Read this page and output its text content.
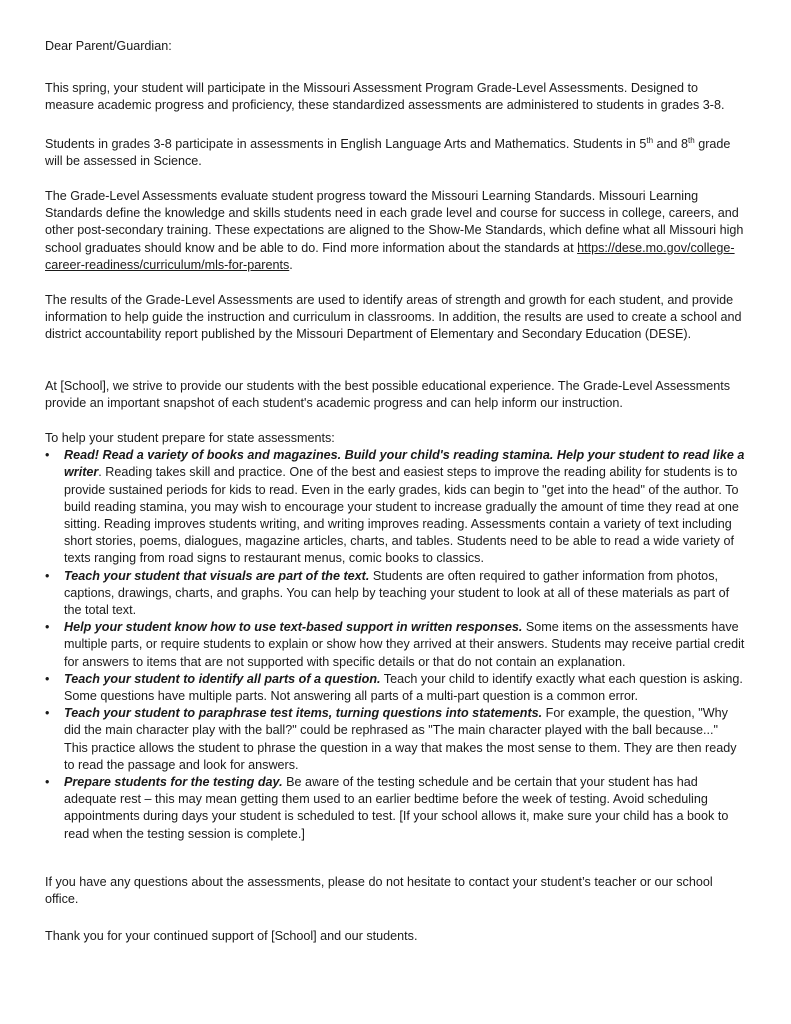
Dear Parent/Guardian:

This spring, your student will participate in the Missouri Assessment Program Grade-Level Assessments. Designed to measure academic progress and proficiency, these standardized assessments are administered to students in grades 3-8.

Students in grades 3-8 participate in assessments in English Language Arts and Mathematics. Students in 5th and 8th grade will be assessed in Science.

The Grade-Level Assessments evaluate student progress toward the Missouri Learning Standards. Missouri Learning Standards define the knowledge and skills students need in each grade level and course for success in college, careers, and other post-secondary training. These expectations are aligned to the Show-Me Standards, which define what all Missouri high school graduates should know and be able to do. Find more information about the standards at https://dese.mo.gov/college-career-readiness/curriculum/mls-for-parents.

The results of the Grade-Level Assessments are used to identify areas of strength and growth for each student, and provide information to help guide the instruction and curriculum in classrooms. In addition, the results are used to create a school and district accountability report published by the Missouri Department of Elementary and Secondary Education (DESE).

At [School], we strive to provide our students with the best possible educational experience. The Grade-Level Assessments provide an important snapshot of each student's academic progress and can help inform our instruction.

To help your student prepare for state assessments:

• Read! Read a variety of books and magazines. Build your child's reading stamina. Help your student to read like a writer. Reading takes skill and practice. One of the best and easiest steps to improve the reading ability for students is to provide sustained periods for kids to read. Even in the early grades, kids can begin to "get into the head" of the author. To build reading stamina, you may wish to encourage your student to increase gradually the amount of time they read at one sitting. Reading improves students writing, and writing improves reading. Assessments contain a variety of text including short stories, poems, dialogues, magazine articles, charts, and tables. Students need to be able to read a wide variety of texts ranging from road signs to restaurant menus, comic books to classics.
• Teach your student that visuals are part of the text. Students are often required to gather information from photos, captions, drawings, charts, and graphs. You can help by teaching your student to look at all of these materials as part of the total text.
• Help your student know how to use text-based support in written responses. Some items on the assessments have multiple parts, or require students to explain or show how they arrived at their answers. Students may receive partial credit for answers to items that are not supported with specific details or that do not contain an explanation.
• Teach your student to identify all parts of a question. Teach your child to identify exactly what each question is asking. Some questions have multiple parts. Not answering all parts of a multi-part question is a common error.
• Teach your student to paraphrase test items, turning questions into statements. For example, the question, "Why did the main character play with the ball?" could be rephrased as "The main character played with the ball because..." This practice allows the student to phrase the question in a way that makes the most sense to them. They are then ready to read the passage and look for answers.
• Prepare students for the testing day. Be aware of the testing schedule and be certain that your student has had adequate rest – this may mean getting them used to an earlier bedtime before the week of testing. Avoid scheduling appointments during days your student is scheduled to test. [If your school allows it, make sure your child has a book to read when the testing session is complete.]

If you have any questions about the assessments, please do not hesitate to contact your student’s teacher or our school office.

Thank you for your continued support of [School] and our students.
